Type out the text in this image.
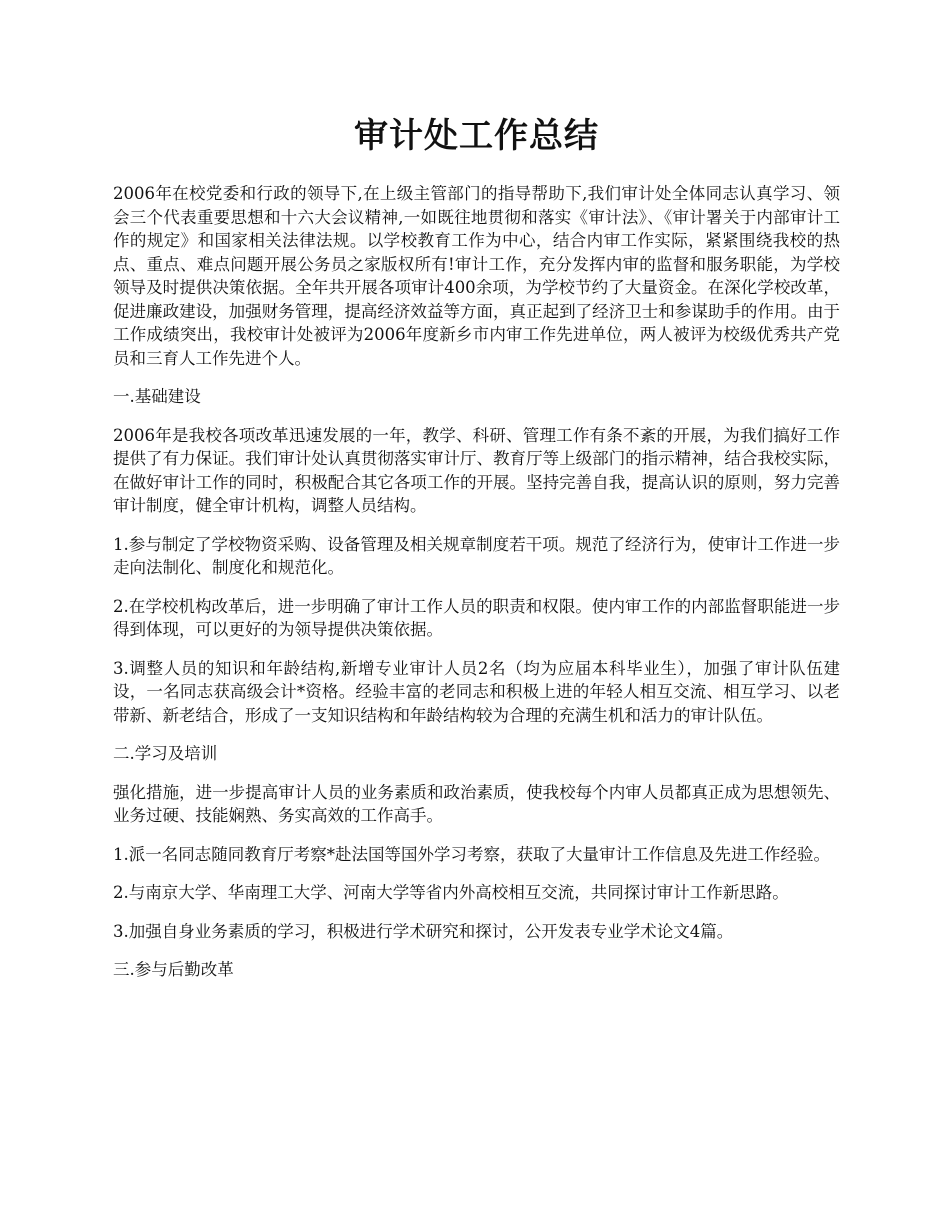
审计处工作总结

2006年在校党委和行政的领导下,在上级主管部门的指导帮助下,我们审计处全体同志认真学习、领会三个代表重要思想和十六大会议精神,一如既往地贯彻和落实《审计法》、《审计署关于内部审计工作的规定》和国家相关法律法规。以学校教育工作为中心，结合内审工作实际，紧紧围绕我校的热点、重点、难点问题开展公务员之家版权所有!审计工作，充分发挥内审的监督和服务职能，为学校领导及时提供决策依据。全年共开展各项审计400余项，为学校节约了大量资金。在深化学校改革，促进廉政建设，加强财务管理，提高经济效益等方面，真正起到了经济卫士和参谋助手的作用。由于工作成绩突出，我校审计处被评为2006年度新乡市内审工作先进单位，两人被评为校级优秀共产党员和三育人工作先进个人。

一.基础建设

2006年是我校各项改革迅速发展的一年，教学、科研、管理工作有条不紊的开展，为我们搞好工作提供了有力保证。我们审计处认真贯彻落实审计厅、教育厅等上级部门的指示精神，结合我校实际，在做好审计工作的同时，积极配合其它各项工作的开展。坚持完善自我，提高认识的原则，努力完善审计制度，健全审计机构，调整人员结构。

1.参与制定了学校物资采购、设备管理及相关规章制度若干项。规范了经济行为，使审计工作进一步走向法制化、制度化和规范化。

2.在学校机构改革后，进一步明确了审计工作人员的职责和权限。使内审工作的内部监督职能进一步得到体现，可以更好的为领导提供决策依据。

3.调整人员的知识和年龄结构,新增专业审计人员2名（均为应届本科毕业生），加强了审计队伍建设，一名同志获高级会计*资格。经验丰富的老同志和积极上进的年轻人相互交流、相互学习、以老带新、新老结合，形成了一支知识结构和年龄结构较为合理的充满生机和活力的审计队伍。

二.学习及培训

强化措施，进一步提高审计人员的业务素质和政治素质，使我校每个内审人员都真正成为思想领先、业务过硬、技能娴熟、务实高效的工作高手。

1.派一名同志随同教育厅考察*赴法国等国外学习考察，获取了大量审计工作信息及先进工作经验。

2.与南京大学、华南理工大学、河南大学等省内外高校相互交流，共同探讨审计工作新思路。

3.加强自身业务素质的学习，积极进行学术研究和探讨，公开发表专业学术论文4篇。

三.参与后勤改革
